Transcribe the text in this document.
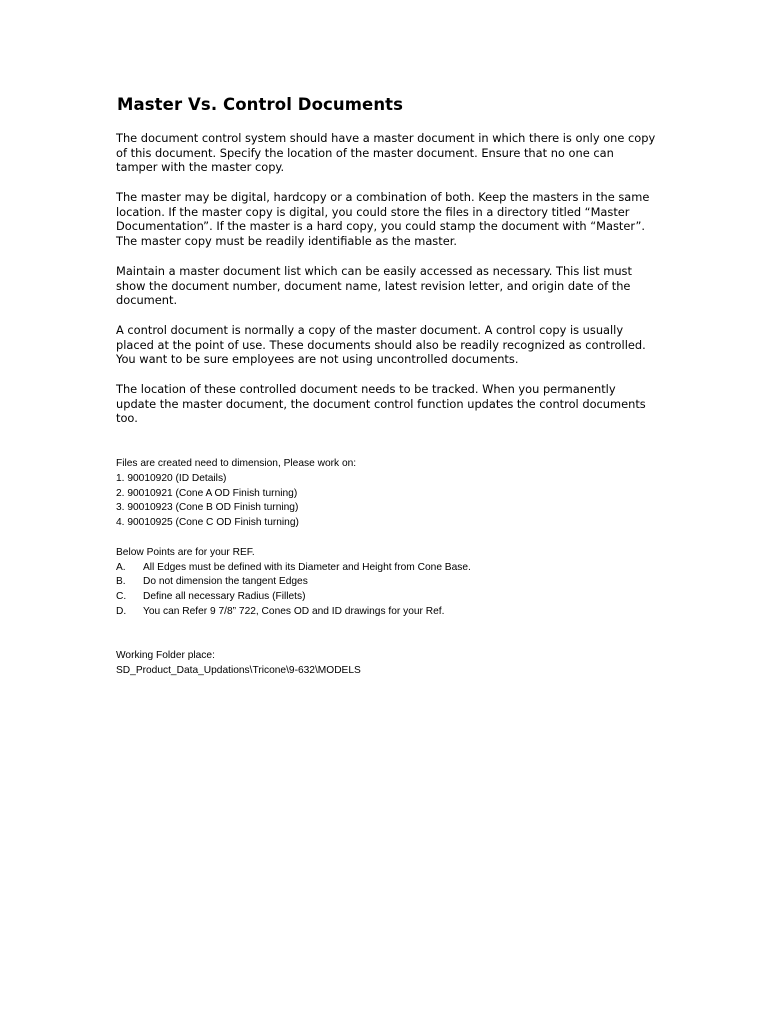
Master Vs. Control Documents

The document control system should have a master document in which there is only one copy of this document. Specify the location of the master document. Ensure that no one can tamper with the master copy.

The master may be digital, hardcopy or a combination of both. Keep the masters in the same location. If the master copy is digital, you could store the files in a directory titled “Master Documentation”. If the master is a hard copy, you could stamp the document with “Master”. The master copy must be readily identifiable as the master.

Maintain a master document list which can be easily accessed as necessary. This list must show the document number, document name, latest revision letter, and origin date of the document.

A control document is normally a copy of the master document. A control copy is usually placed at the point of use. These documents should also be readily recognized as controlled. You want to be sure employees are not using uncontrolled documents.

The location of these controlled document needs to be tracked. When you permanently update the master document, the document control function updates the control documents too.

Files are created need to dimension, Please work on:
1. 90010920 (ID Details)
2. 90010921 (Cone A OD Finish turning)
3. 90010923 (Cone B OD Finish turning)
4. 90010925 (Cone C OD Finish turning)
Below Points are for your REF.
A. All Edges must be defined with its Diameter and Height from Cone Base.
B. Do not dimension the tangent Edges
C. Define all necessary Radius (Fillets)
D. You can Refer 9 7/8” 722, Cones OD and ID drawings for your Ref.
Working Folder place:
SD_Product_Data_Updations\Tricone\9-632\MODELS
